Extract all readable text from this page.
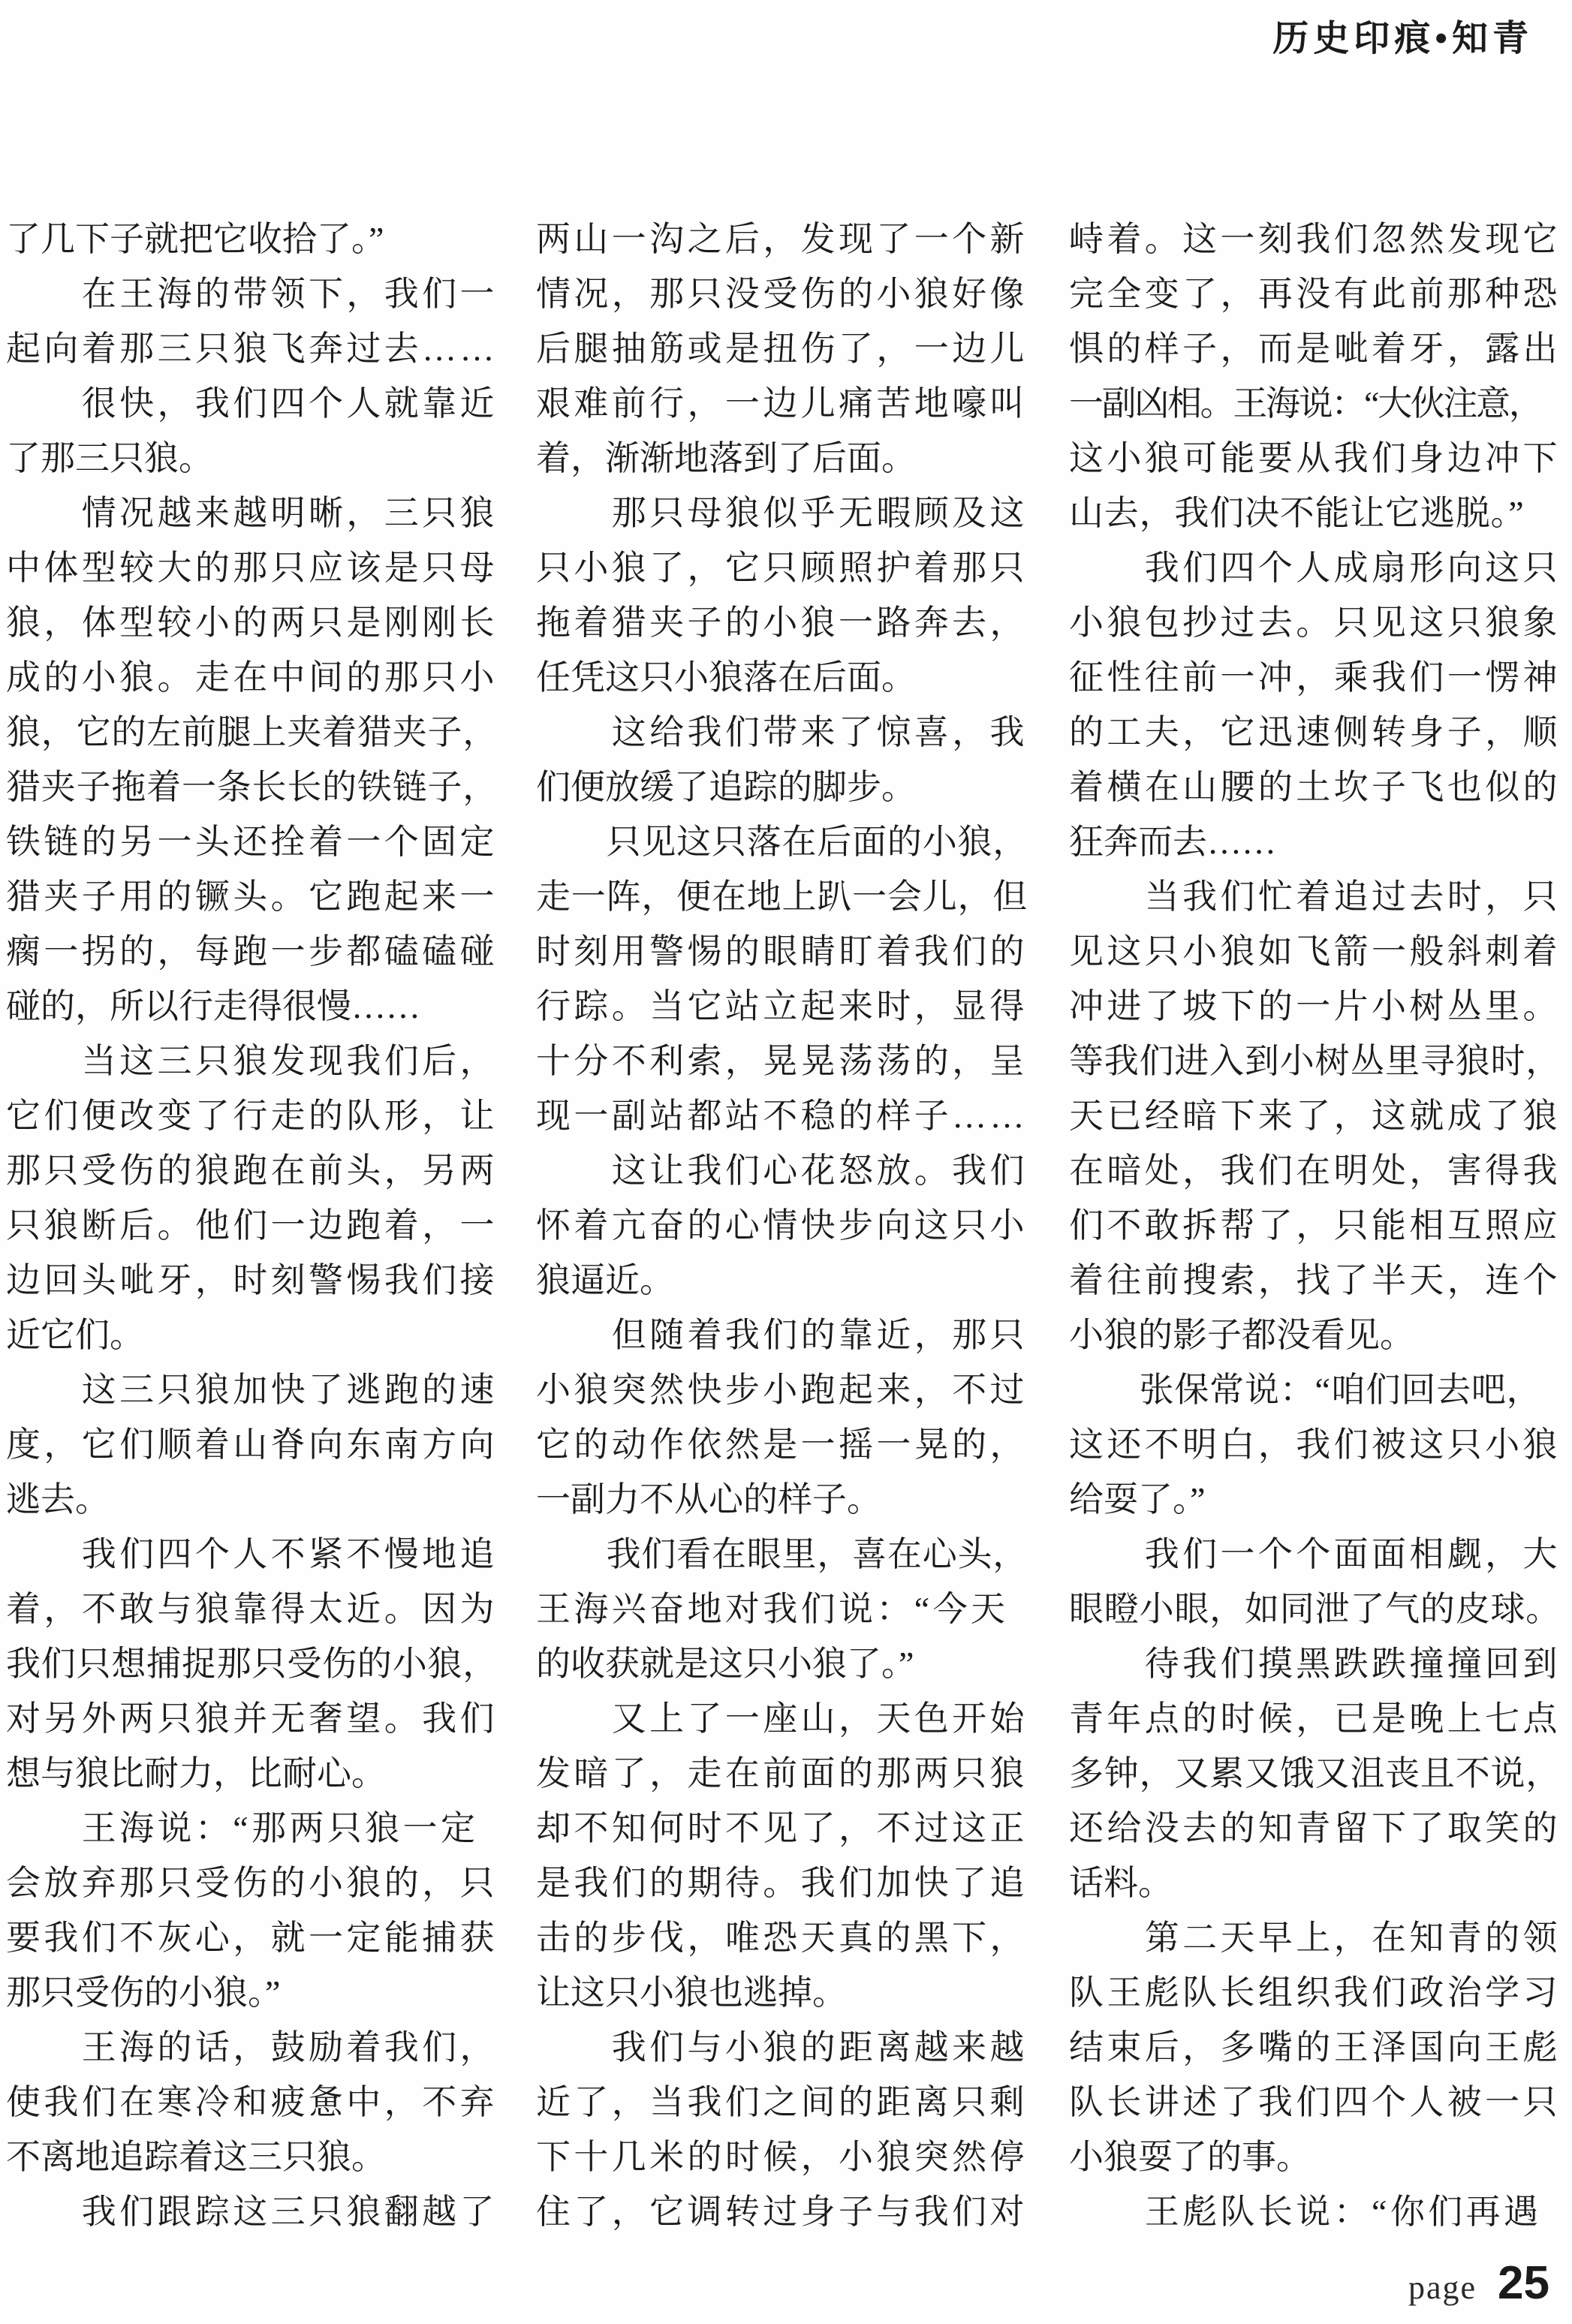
历史印痕•知青
了几下子就把它收拾了。”
　　在王海的带领下，我们一
起向着那三只狼飞奔过去……
　　很快，我们四个人就靠近
了那三只狼。
　　情况越来越明晰，三只狼
中体型较大的那只应该是只母
狼，体型较小的两只是刚刚长
成的小狼。走在中间的那只小
狼，它的左前腿上夹着猎夹子，
猎夹子拖着一条长长的铁链子，
铁链的另一头还拴着一个固定
猎夹子用的镢头。它跑起来一
瘸一拐的，每跑一步都磕磕碰
碰的，所以行走得很慢……
　　当这三只狼发现我们后，
它们便改变了行走的队形，让
那只受伤的狼跑在前头，另两
只狼断后。他们一边跑着，一
边回头呲牙，时刻警惕我们接
近它们。
　　这三只狼加快了逃跑的速
度，它们顺着山脊向东南方向
逃去。
　　我们四个人不紧不慢地追
着，不敢与狼靠得太近。因为
我们只想捕捉那只受伤的小狼，
对另外两只狼并无奢望。我们
想与狼比耐力，比耐心。
　　王海说：“那两只狼一定
会放弃那只受伤的小狼的，只
要我们不灰心，就一定能捕获
那只受伤的小狼。”
　　王海的话，鼓励着我们，
使我们在寒冷和疲惫中，不弃
不离地追踪着这三只狼。
　　我们跟踪这三只狼翻越了
两山一沟之后，发现了一个新
情况，那只没受伤的小狼好像
后腿抽筋或是扭伤了，一边儿
艰难前行，一边儿痛苦地嚎叫
着，渐渐地落到了后面。
　　那只母狼似乎无暇顾及这
只小狼了，它只顾照护着那只
拖着猎夹子的小狼一路奔去，
任凭这只小狼落在后面。
　　这给我们带来了惊喜，我
们便放缓了追踪的脚步。
　　只见这只落在后面的小狼，
走一阵，便在地上趴一会儿，但
时刻用警惕的眼睛盯着我们的
行踪。当它站立起来时，显得
十分不利索，晃晃荡荡的，呈
现一副站都站不稳的样子……
　　这让我们心花怒放。我们
怀着亢奋的心情快步向这只小
狼逼近。
　　但随着我们的靠近，那只
小狼突然快步小跑起来，不过
它的动作依然是一摇一晃的，
一副力不从心的样子。
　　我们看在眼里，喜在心头，
王海兴奋地对我们说：“今天
的收获就是这只小狼了。”
　　又上了一座山，天色开始
发暗了，走在前面的那两只狼
却不知何时不见了，不过这正
是我们的期待。我们加快了追
击的步伐，唯恐天真的黑下，
让这只小狼也逃掉。
　　我们与小狼的距离越来越
近了，当我们之间的距离只剩
下十几米的时候，小狼突然停
住了，它调转过身子与我们对
峙着。这一刻我们忽然发现它
完全变了，再没有此前那种恐
惧的样子，而是呲着牙，露出
一副凶相。王海说：“大伙注意，
这小狼可能要从我们身边冲下
山去，我们决不能让它逃脱。”
　　我们四个人成扇形向这只
小狼包抄过去。只见这只狼象
征性往前一冲，乘我们一愣神
的工夫，它迅速侧转身子，顺
着横在山腰的土坎子飞也似的
狂奔而去……
　　当我们忙着追过去时，只
见这只小狼如飞箭一般斜刺着
冲进了坡下的一片小树丛里。
等我们进入到小树丛里寻狼时，
天已经暗下来了，这就成了狼
在暗处，我们在明处，害得我
们不敢拆帮了，只能相互照应
着往前搜索，找了半天，连个
小狼的影子都没看见。
　　张保常说：“咱们回去吧，
这还不明白，我们被这只小狼
给耍了。”
　　我们一个个面面相觑，大
眼瞪小眼，如同泄了气的皮球。
　　待我们摸黑跌跌撞撞回到
青年点的时候，已是晚上七点
多钟，又累又饿又沮丧且不说，
还给没去的知青留下了取笑的
话料。
　　第二天早上，在知青的领
队王彪队长组织我们政治学习
结束后，多嘴的王泽国向王彪
队长讲述了我们四个人被一只
小狼耍了的事。
　　王彪队长说：“你们再遇
page 25
